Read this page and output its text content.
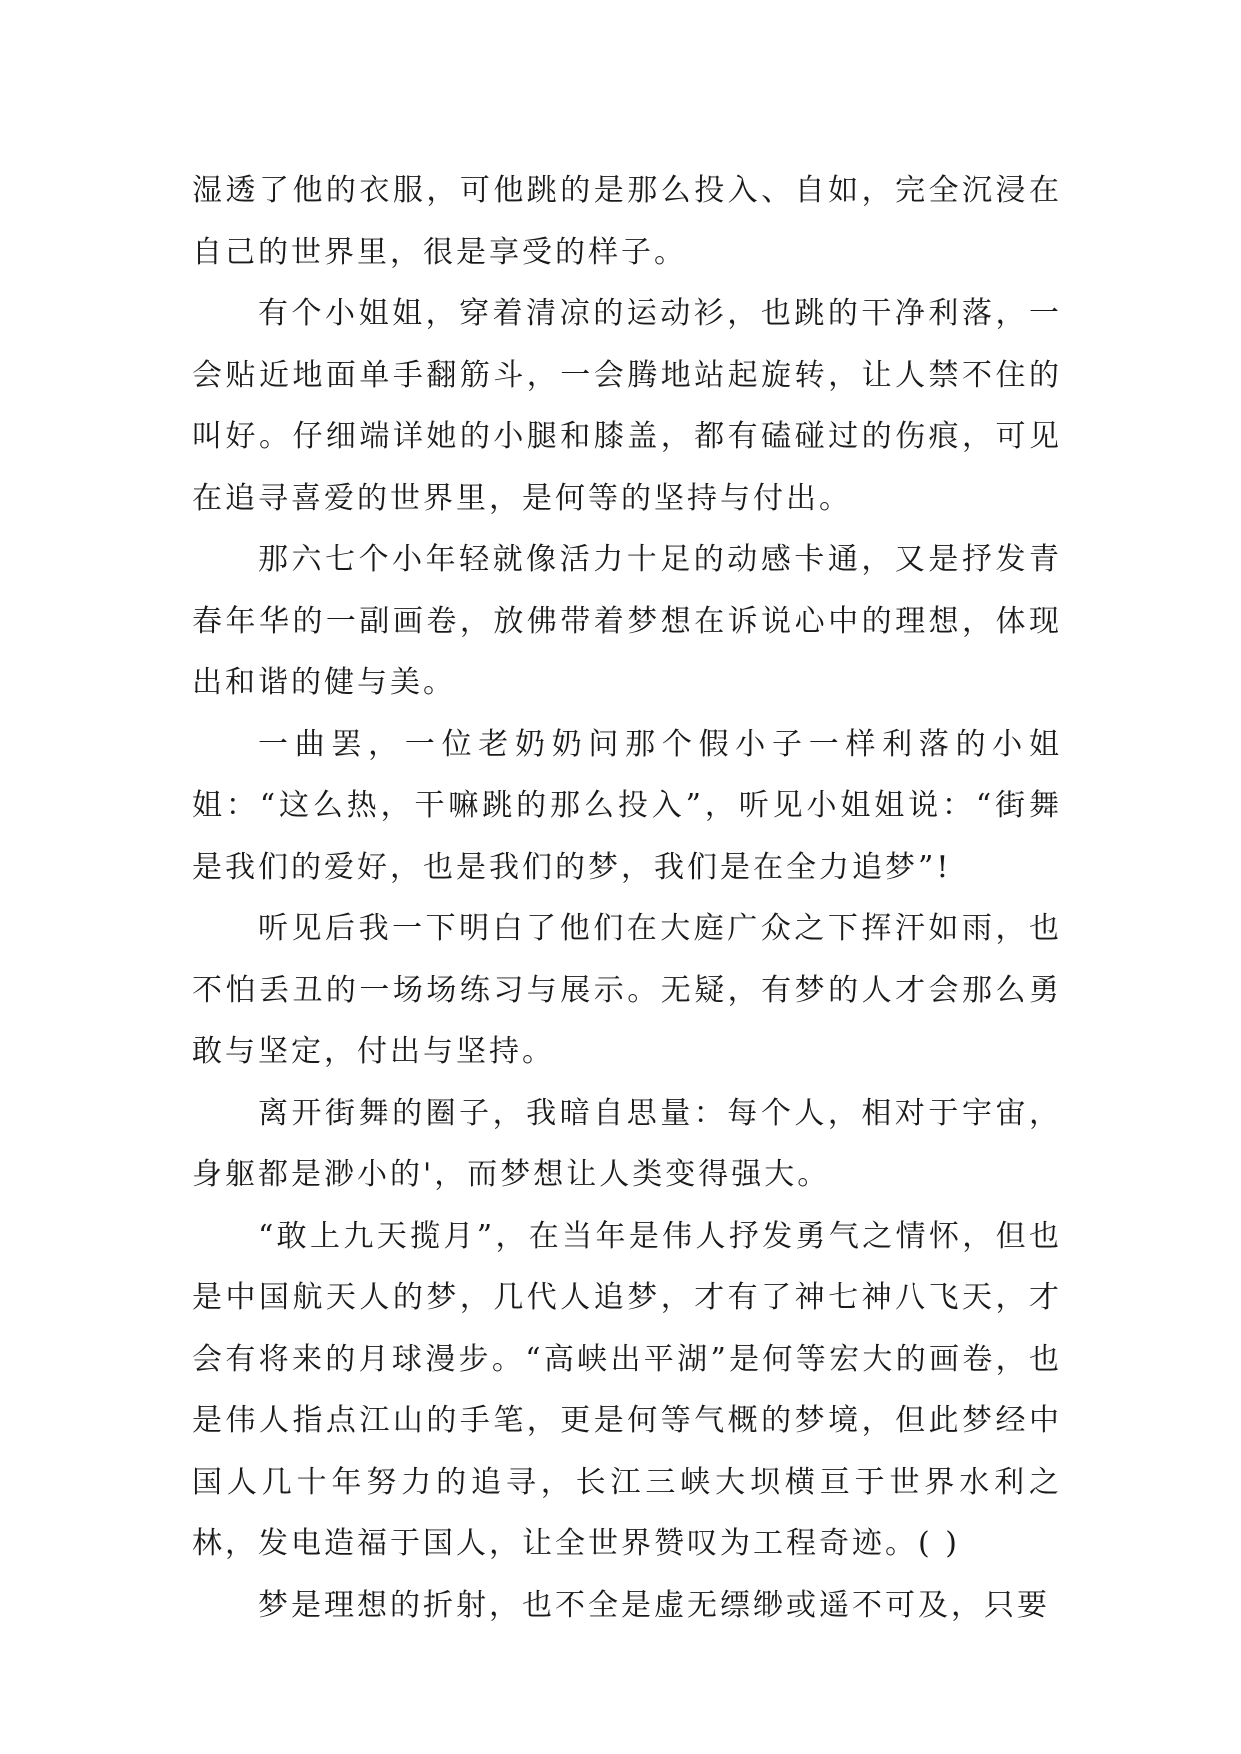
湿透了他的衣服，可他跳的是那么投入、自如，完全沉浸在自己的世界里，很是享受的样子。

有个小姐姐，穿着清凉的运动衫，也跳的干净利落，一会贴近地面单手翻筋斗，一会腾地站起旋转，让人禁不住的叫好。仔细端详她的小腿和膝盖，都有磕碰过的伤痕，可见在追寻喜爱的世界里，是何等的坚持与付出。

那六七个小年轻就像活力十足的动感卡通，又是抒发青春年华的一副画卷，放佛带着梦想在诉说心中的理想，体现出和谐的健与美。

一曲罢，一位老奶奶问那个假小子一样利落的小姐姐：“这么热，干嘛跳的那么投入”，听见小姐姐说：“街舞是我们的爱好，也是我们的梦，我们是在全力追梦”!

听见后我一下明白了他们在大庭广众之下挥汗如雨，也不怕丢丑的一场场练习与展示。无疑，有梦的人才会那么勇敢与坚定，付出与坚持。

离开街舞的圈子，我暗自思量：每个人，相对于宇宙，身躯都是渺小的'，而梦想让人类变得强大。

“敢上九天揽月”，在当年是伟人抒发勇气之情怀，但也是中国航天人的梦，几代人追梦，才有了神七神八飞天，才会有将来的月球漫步。“高峡出平湖”是何等宏大的画卷，也是伟人指点江山的手笔，更是何等气概的梦境，但此梦经中国人几十年努力的追寻，长江三峡大坝横亘于世界水利之林，发电造福于国人，让全世界赞叹为工程奇迹。( )

梦是理想的折射，也不全是虚无缥缈或遥不可及，只要
